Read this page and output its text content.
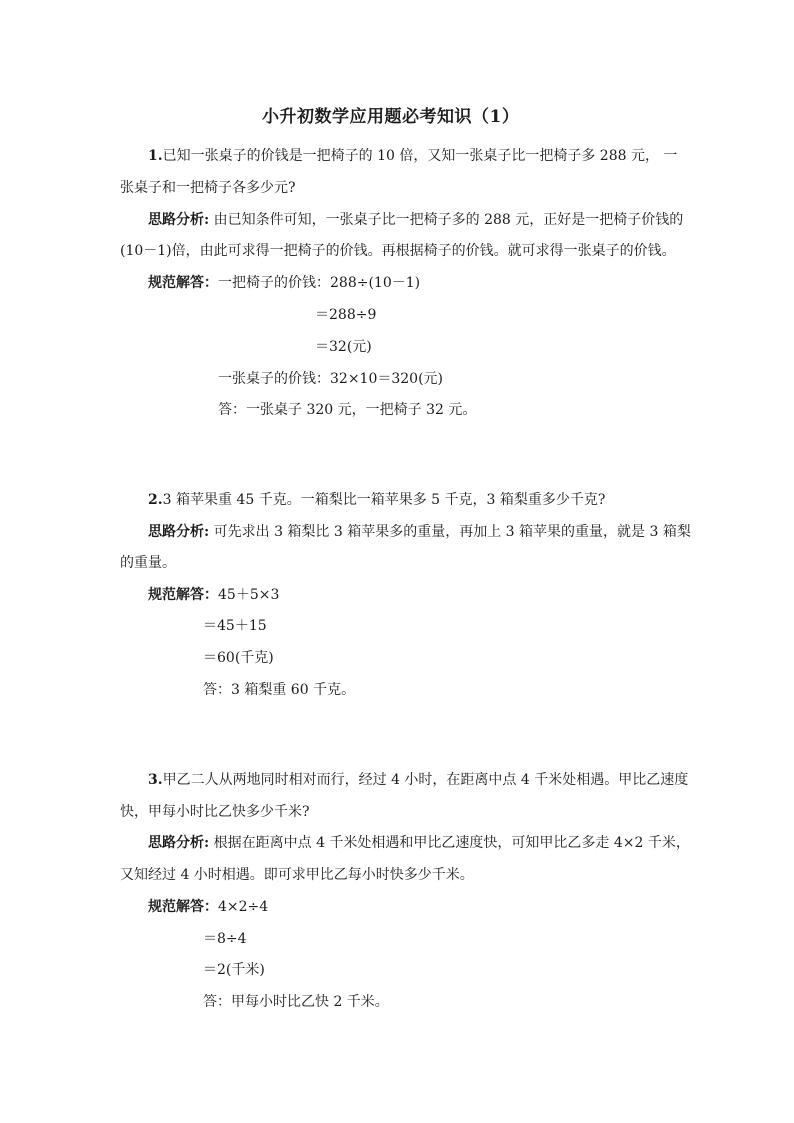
小升初数学应用题必考知识（1）
1.已知一张桌子的价钱是一把椅子的 10 倍，又知一张桌子比一把椅子多 288 元， 一
张桌子和一把椅子各多少元?
思路分析: 由已知条件可知，一张桌子比一把椅子多的 288 元，正好是一把椅子价钱的
(10－1)倍，由此可求得一把椅子的价钱。再根据椅子的价钱。就可求得一张桌子的价钱。
规范解答：一把椅子的价钱：288÷(10－1)
＝288÷9
＝32(元)
一张桌子的价钱：32×10＝320(元)
答：一张桌子 320 元，一把椅子 32 元。
2.3 箱苹果重 45 千克。一箱梨比一箱苹果多 5 千克，3 箱梨重多少千克?
思路分析: 可先求出 3 箱梨比 3 箱苹果多的重量，再加上 3 箱苹果的重量，就是 3 箱梨
的重量。
规范解答：45＋5×3
＝45＋15
＝60(千克)
答：3 箱梨重 60 千克。
3.甲乙二人从两地同时相对而行，经过 4 小时，在距离中点 4 千米处相遇。甲比乙速度
快，甲每小时比乙快多少千米?
思路分析: 根据在距离中点 4 千米处相遇和甲比乙速度快，可知甲比乙多走 4×2 千米，
又知经过 4 小时相遇。即可求甲比乙每小时快多少千米。
规范解答：4×2÷4
＝8÷4
＝2(千米)
答：甲每小时比乙快 2 千米。
